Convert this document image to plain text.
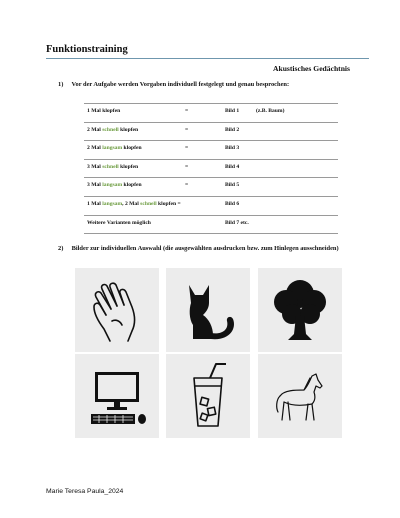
Funktionstraining
Akustisches Gedächtnis
1) Vor der Aufgabe werden Vorgaben individuell festgelegt und genau besprochen:
1 Mal klopfen	=	Bild 1	(z.B. Baum)
2 Mal schnell klopfen	=	Bild 2
2 Mal langsam klopfen	=	Bild 3
3 Mal schnell klopfen	=	Bild 4
3 Mal langsam klopfen	=	Bild 5
1 Mal langsam, 2 Mal schnell klopfen =	Bild 6
Weitere Varianten möglich	Bild 7 etc.
2) Bilder zur individuellen Auswahl (die ausgewählten ausdrucken bzw. zum Hinlegen ausschneiden)
Marie Teresa Paula_2024
